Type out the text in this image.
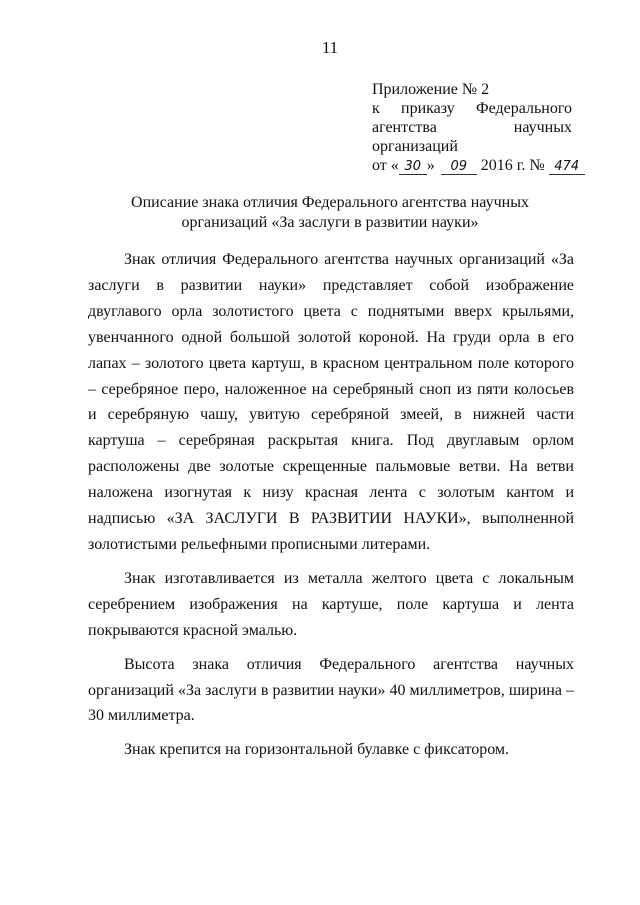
11
Приложение № 2
к приказу Федерального
агентства	научных
организаций
от « 30 » 09 2016 г. № 474
Описание знака отличия Федерального агентства научных
организаций «За заслуги в развитии науки»

Знак отличия Федерального агентства научных организаций «За заслуги в развитии науки» представляет собой изображение двуглавого орла золотистого цвета с поднятыми вверх крыльями, увенчанного одной большой золотой короной. На груди орла в его лапах – золотого цвета картуш, в красном центральном поле которого – серебряное перо, наложенное на серебряный сноп из пяти колосьев и серебряную чашу, увитую серебряной змеей, в нижней части картуша – серебряная раскрытая книга. Под двуглавым орлом расположены две золотые скрещенные пальмовые ветви. На ветви наложена изогнутая к низу красная лента с золотым кантом и надписью «ЗА ЗАСЛУГИ В РАЗВИТИИ НАУКИ», выполненной золотистыми рельефными прописными литерами.

Знак изготавливается из металла желтого цвета с локальным серебрением изображения на картуше, поле картуша и лента покрываются красной эмалью.

Высота знака отличия Федерального агентства научных организаций «За заслуги в развитии науки» 40 миллиметров, ширина – 30 миллиметра.

Знак крепится на горизонтальной булавке с фиксатором.
